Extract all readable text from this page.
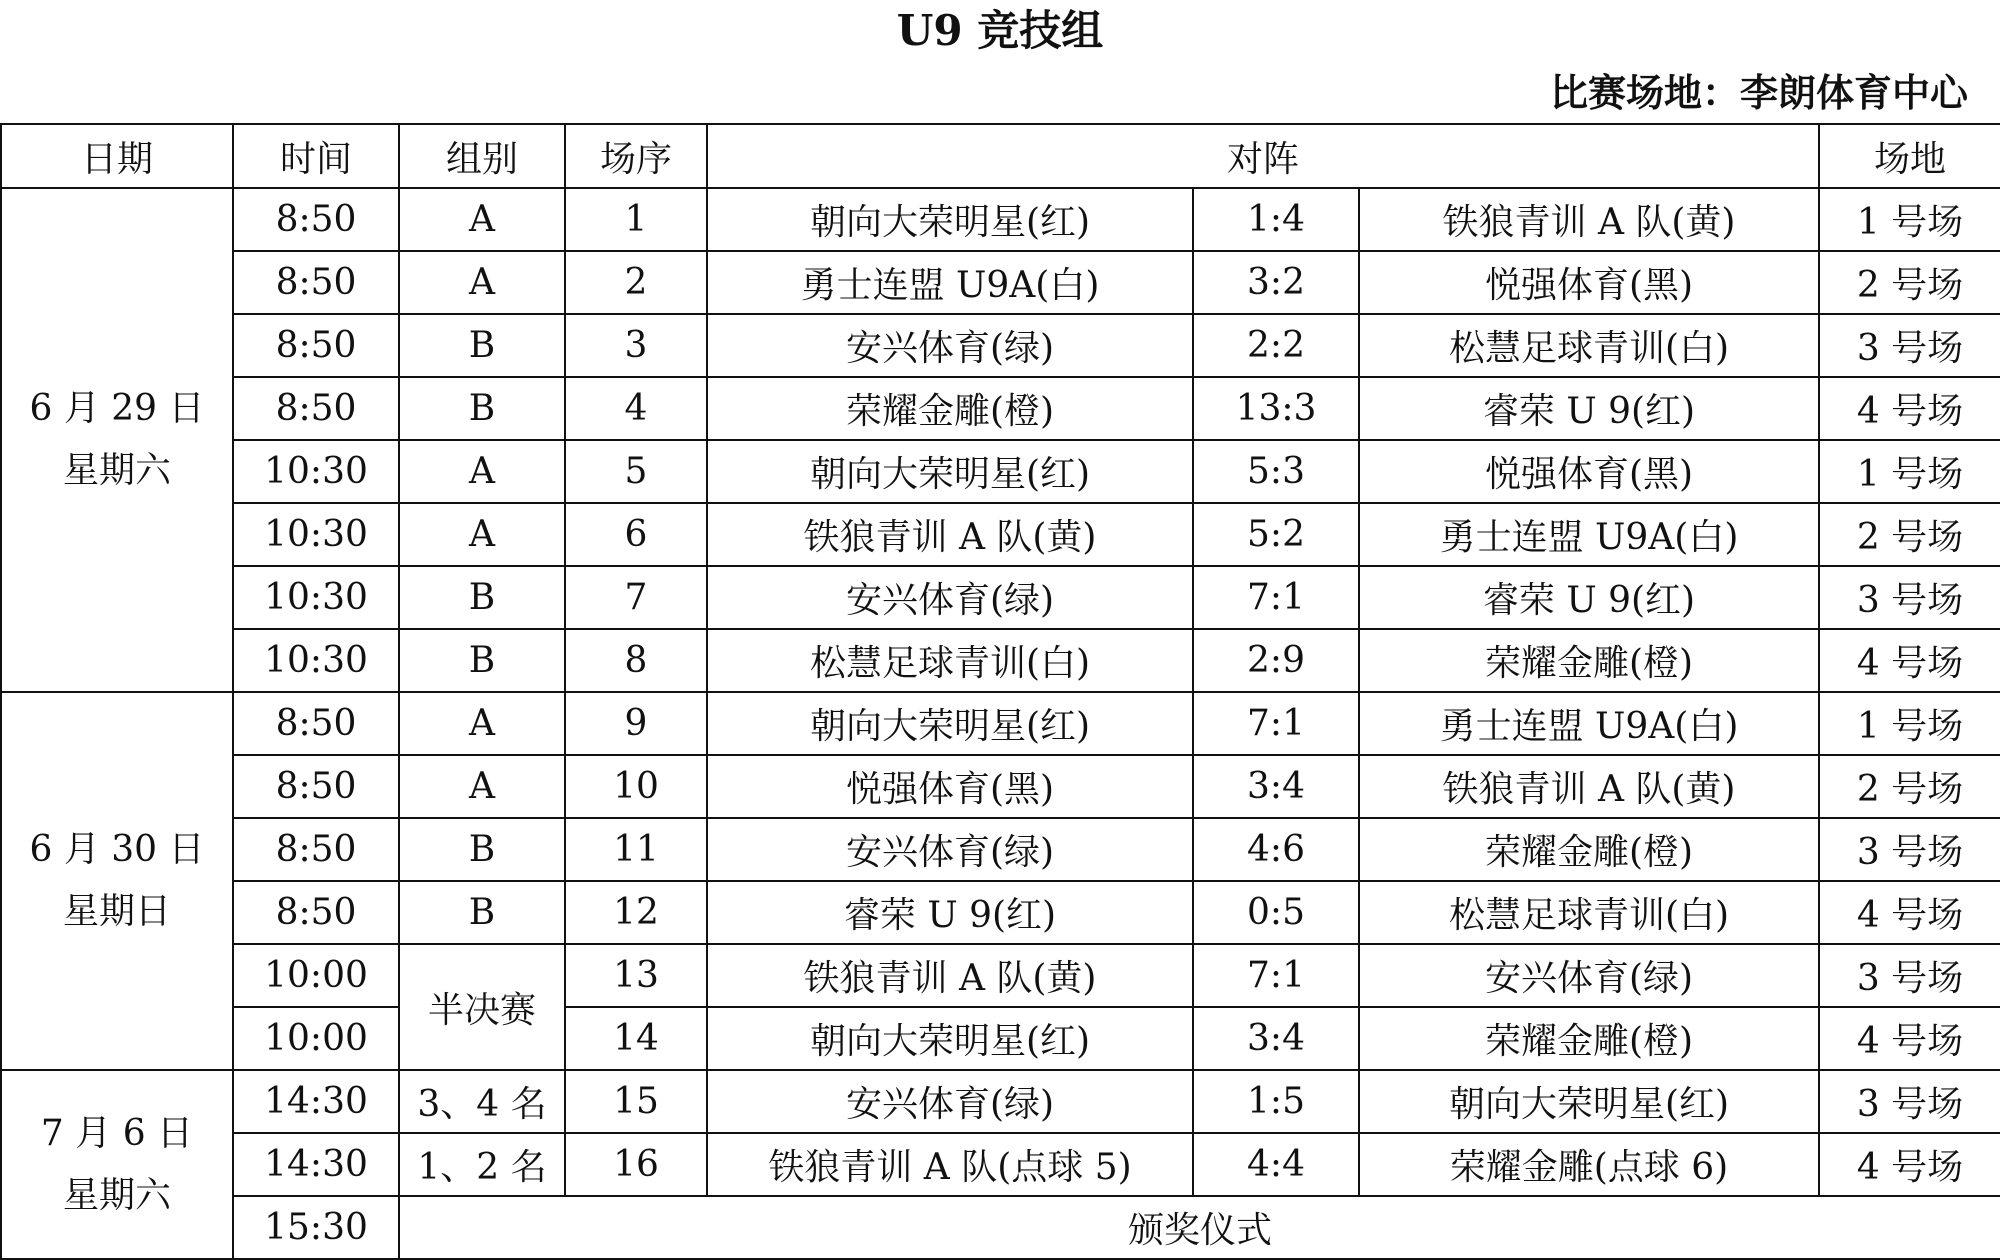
U9 竞技组
比赛场地：李朗体育中心
日期	时间	组别	场序	对阵			场地

6 月 29 日
星期六	8:50	A	1	朝向大荣明星(红)	1:4	铁狼青训 A 队(黄)	1 号场
	8:50	A	2	勇士连盟 U9A(白)	3:2	悦强体育(黑)	2 号场
	8:50	B	3	安兴体育(绿)	2:2	松慧足球青训(白)	3 号场
	8:50	B	4	荣耀金雕(橙)	13:3	睿荣 U 9(红)	4 号场
	10:30	A	5	朝向大荣明星(红)	5:3	悦强体育(黑)	1 号场
	10:30	A	6	铁狼青训 A 队(黄)	5:2	勇士连盟 U9A(白)	2 号场
	10:30	B	7	安兴体育(绿)	7:1	睿荣 U 9(红)	3 号场
	10:30	B	8	松慧足球青训(白)	2:9	荣耀金雕(橙)	4 号场

6 月 30 日
星期日	8:50	A	9	朝向大荣明星(红)	7:1	勇士连盟 U9A(白)	1 号场
	8:50	A	10	悦强体育(黑)	3:4	铁狼青训 A 队(黄)	2 号场
	8:50	B	11	安兴体育(绿)	4:6	荣耀金雕(橙)	3 号场
	8:50	B	12	睿荣 U 9(红)	0:5	松慧足球青训(白)	4 号场
	10:00	半决赛	13	铁狼青训 A 队(黄)	7:1	安兴体育(绿)	3 号场
	10:00		14	朝向大荣明星(红)	3:4	荣耀金雕(橙)	4 号场

7 月 6 日
星期六	14:30	3、4 名	15	安兴体育(绿)	1:5	朝向大荣明星(红)	3 号场
	14:30	1、2 名	16	铁狼青训 A 队(点球 5)	4:4	荣耀金雕(点球 6)	4 号场
	15:30	颁奖仪式					
